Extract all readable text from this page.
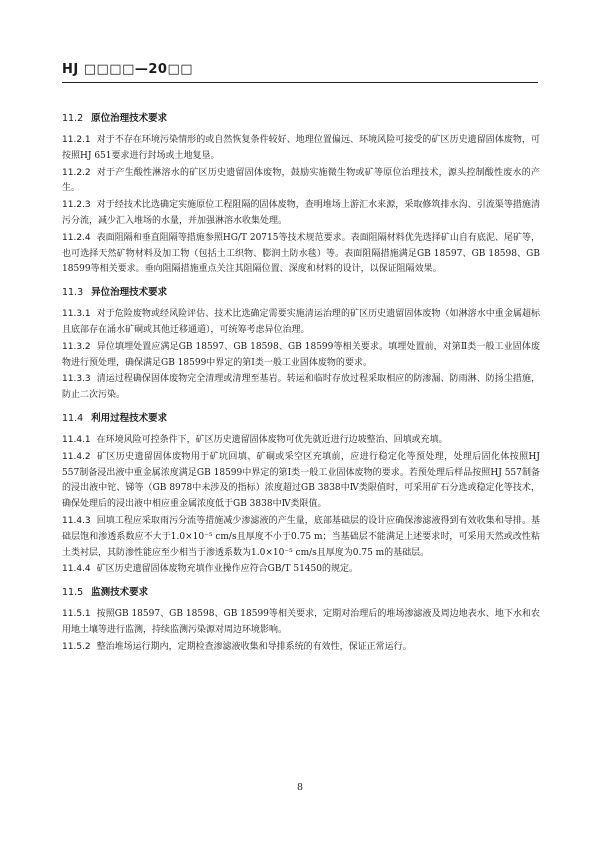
HJ □□□□—20□□
11.2 原位治理技术要求

11.2.1 对于不存在环境污染情形的或自然恢复条件较好、地理位置偏远、环境风险可接受的矿区历史遗留固体废物，可按照HJ 651要求进行封场或土地复垦。

11.2.2 对于产生酸性淋溶水的矿区历史遗留固体废物，鼓励实施微生物或矿等原位治理技术，源头控制酸性废水的产生。

11.2.3 对于经技术比选确定实施原位工程阻隔的固体废物，查明堆场上游汇水来源，采取修筑排水沟、引流渠等措施清污分流，减少汇入堆场的水量，并加强淋溶水收集处理。

11.2.4 表面阻隔和垂直阻隔等措施参照HG/T 20715等技术规范要求。表面阻隔材料优先选择矿山自有底泥、尾矿等，也可选择天然矿物材料及加工物（包括土工织物、膨润土防水毯）等。表面阻隔措施满足GB 18597、GB 18598、GB 18599等相关要求。垂向阻隔措施重点关注其阻隔位置、深度和材料的设计，以保证阻隔效果。

11.3 异位治理技术要求

11.3.1 对于危险废物或经风险评估、技术比选确定需要实施清运治理的矿区历史遗留固体废物（如淋溶水中重金属超标且底部存在涌水矿硐或其他迁移通道），可统筹考虑异位治理。

11.3.2 异位填埋处置应满足GB 18597、GB 18598、GB 18599等相关要求。填埋处置前，对第Ⅱ类一般工业固体废物进行预处理，确保满足GB 18599中界定的第Ⅰ类一般工业固体废物的要求。

11.3.3 清运过程确保固体废物完全清理或清理至基岩。转运和临时存放过程采取相应的防渗漏、防雨淋、防扬尘措施，防止二次污染。

11.4 利用过程技术要求

11.4.1 在环境风险可控条件下，矿区历史遗留固体废物可优先就近进行边坡整治、回填或充填。

11.4.2 矿区历史遗留固体废物用于矿坑回填、矿硐或采空区充填前，应进行稳定化等预处理，处理后固化体按照HJ 557制备浸出液中重金属浓度满足GB 18599中界定的第Ⅰ类一般工业固体废物的要求。若预处理后样品按照HJ 557制备的浸出液中铊、锑等（GB 8978中未涉及的指标）浓度超过GB 3838中Ⅳ类限值时，可采用矿石分选或稳定化等技术，确保处理后的浸出液中相应重金属浓度低于GB 3838中Ⅳ类限值。

11.4.3 回填工程应采取雨污分流等措施减少渗滤液的产生量，底部基础层的设计应确保渗滤液得到有效收集和导排。基础层饱和渗透系数应不大于1.0×10⁻⁵ cm/s且厚度不小于0.75 m；当基础层不能满足上述要求时，可采用天然或改性粘土类衬层，其防渗性能应至少相当于渗透系数为1.0×10⁻⁵ cm/s且厚度为0.75 m的基础层。

11.4.4 矿区历史遗留固体废物充填作业操作应符合GB/T 51450的规定。

11.5 监测技术要求

11.5.1 按照GB 18597、GB 18598、GB 18599等相关要求，定期对治理后的堆场渗滤液及周边地表水、地下水和农用地土壤等进行监测，持续监测污染源对周边环境影响。

11.5.2 整治堆场运行期内，定期检查渗滤液收集和导排系统的有效性，保证正常运行。

8
